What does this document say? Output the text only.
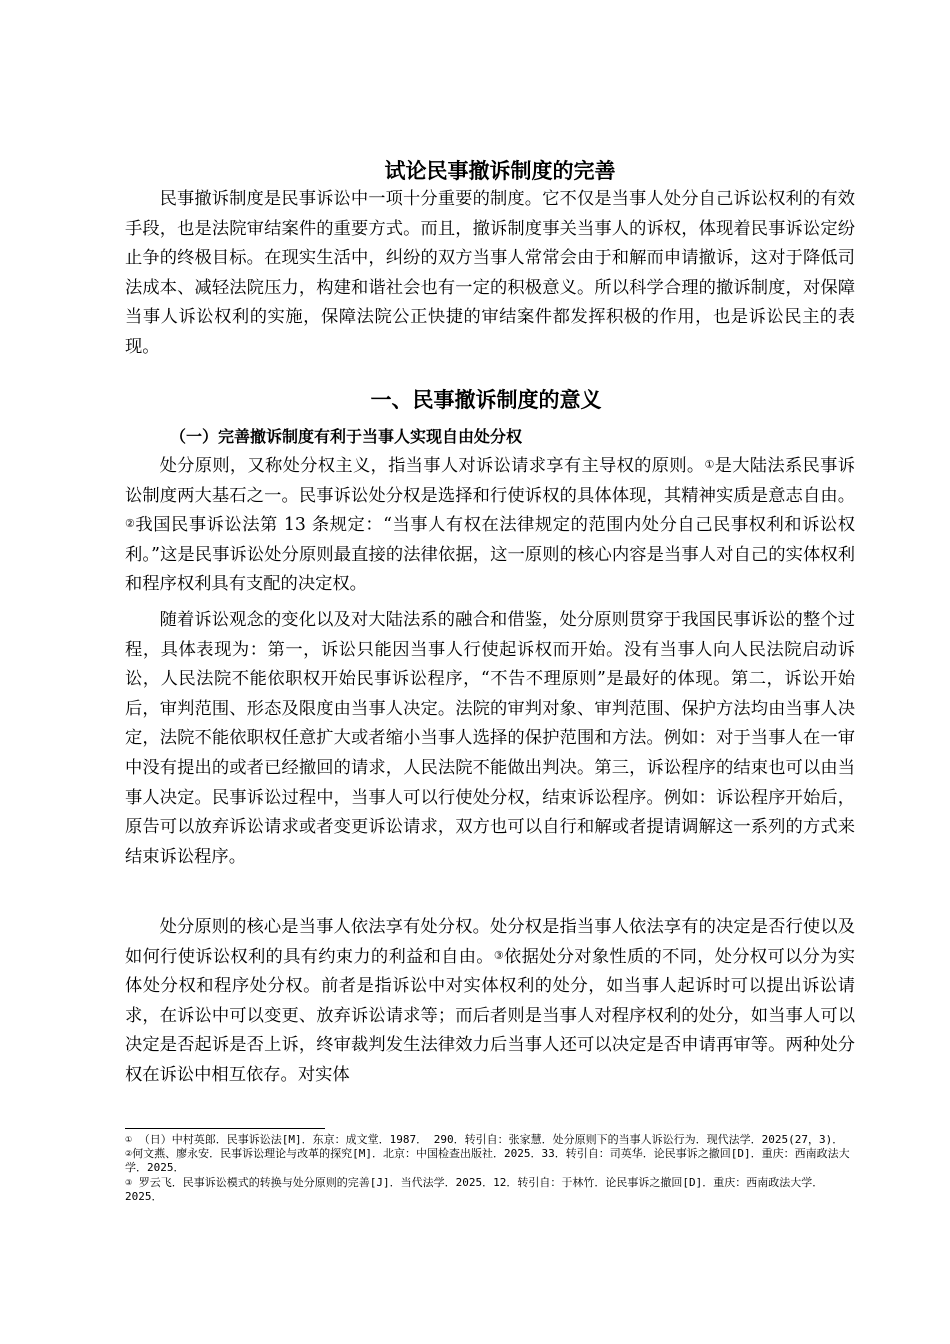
试论民事撤诉制度的完善

民事撤诉制度是民事诉讼中一项十分重要的制度。它不仅是当事人处分自己诉讼权利的有效手段，也是法院审结案件的重要方式。而且，撤诉制度事关当事人的诉权，体现着民事诉讼定纷止争的终极目标。在现实生活中，纠纷的双方当事人常常会由于和解而申请撤诉，这对于降低司法成本、减轻法院压力，构建和谐社会也有一定的积极意义。所以科学合理的撤诉制度，对保障当事人诉讼权利的实施，保障法院公正快捷的审结案件都发挥积极的作用，也是诉讼民主的表现。

一、民事撤诉制度的意义
（一）完善撤诉制度有利于当事人实现自由处分权

处分原则，又称处分权主义，指当事人对诉讼请求享有主导权的原则。①是大陆法系民事诉讼制度两大基石之一。民事诉讼处分权是选择和行使诉权的具体体现，其精神实质是意志自由。②我国民事诉讼法第 13 条规定：“当事人有权在法律规定的范围内处分自己民事权利和诉讼权利。”这是民事诉讼处分原则最直接的法律依据，这一原则的核心内容是当事人对自己的实体权利和程序权利具有支配的决定权。

随着诉讼观念的变化以及对大陆法系的融合和借鉴，处分原则贯穿于我国民事诉讼的整个过程，具体表现为：第一，诉讼只能因当事人行使起诉权而开始。没有当事人向人民法院启动诉讼，人民法院不能依职权开始民事诉讼程序，“不告不理原则”是最好的体现。第二，诉讼开始后，审判范围、形态及限度由当事人决定。法院的审判对象、审判范围、保护方法均由当事人决定，法院不能依职权任意扩大或者缩小当事人选择的保护范围和方法。例如：对于当事人在一审中没有提出的或者已经撤回的请求，人民法院不能做出判决。第三，诉讼程序的结束也可以由当事人决定。民事诉讼过程中，当事人可以行使处分权，结束诉讼程序。例如：诉讼程序开始后，原告可以放弃诉讼请求或者变更诉讼请求，双方也可以自行和解或者提请调解这一系列的方式来结束诉讼程序。

处分原则的核心是当事人依法享有处分权。处分权是指当事人依法享有的决定是否行使以及如何行使诉讼权利的具有约束力的利益和自由。③依据处分对象性质的不同，处分权可以分为实体处分权和程序处分权。前者是指诉讼中对实体权利的处分，如当事人起诉时可以提出诉讼请求，在诉讼中可以变更、放弃诉讼请求等；而后者则是当事人对程序权利的处分，如当事人可以决定是否起诉是否上诉，终审裁判发生法律效力后当事人还可以决定是否申请再审等。两种处分权在诉讼中相互依存。对实体

① （日）中村英郎．民事诉讼法[M]．东京：成文堂．1987． 290．转引自：张家慧．处分原则下的当事人诉讼行为．现代法学．2025(27，3)．

②何文燕、廖永安．民事诉讼理论与改革的探究[M]．北京：中国检查出版社．2025．33．转引自：司英华．论民事诉之撤回[D]．重庆：西南政法大学．2025．

③ 罗云飞．民事诉讼模式的转换与处分原则的完善[J]．当代法学．2025．12．转引自：于林竹．论民事诉之撤回[D]．重庆：西南政法大学．2025．
